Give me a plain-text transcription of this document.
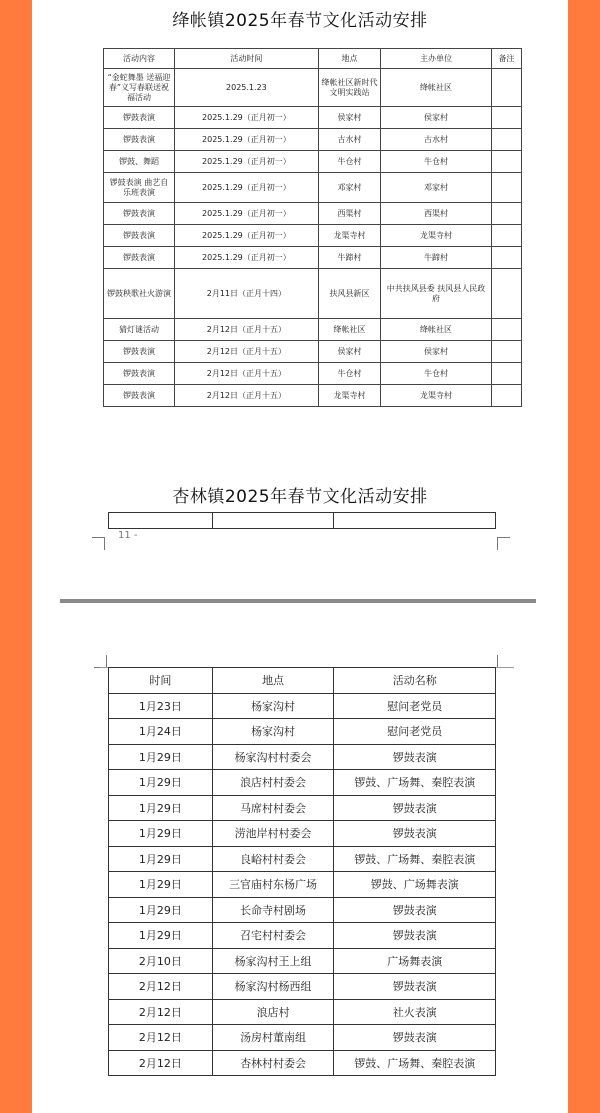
绛帐镇2025年春节文化活动安排
活动内容	活动时间	地点	主办单位	备注
“金蛇舞墨 送福迎春”义写春联送祝福活动	2025.1.23	绛帐社区新时代文明实践站	绛帐社区	
锣鼓表演	2025.1.29（正月初一）	侯家村	侯家村	
锣鼓表演	2025.1.29（正月初一）	古水村	古水村	
锣鼓、舞蹈	2025.1.29（正月初一）	牛仓村	牛仓村	
锣鼓表演 曲艺自乐班表演	2025.1.29（正月初一）	邓家村	邓家村	
锣鼓表演	2025.1.29（正月初一）	西渠村	西渠村	
锣鼓表演	2025.1.29（正月初一）	龙渠寺村	龙渠寺村	
锣鼓表演	2025.1.29（正月初一）	牛蹄村	牛蹄村	
锣鼓秧歌社火游演	2月11日（正月十四）	扶风县新区	中共扶风县委 扶风县人民政府	
猜灯谜活动	2月12日（正月十五）	绛帐社区	绛帐社区	
锣鼓表演	2月12日（正月十五）	侯家村	侯家村	
锣鼓表演	2月12日（正月十五）	牛仓村	牛仓村	
锣鼓表演	2月12日（正月十五）	龙渠寺村	龙渠寺村	
杏林镇2025年春节文化活动安排

11 -
时间	地点	活动名称
1月23日	杨家沟村	慰问老党员
1月24日	杨家沟村	慰问老党员
1月29日	杨家沟村村委会	锣鼓表演
1月29日	浪店村村委会	锣鼓、广场舞、秦腔表演
1月29日	马席村村委会	锣鼓表演
1月29日	涝池岸村村委会	锣鼓表演
1月29日	良峪村村委会	锣鼓、广场舞、秦腔表演
1月29日	三官庙村东杨广场	锣鼓、广场舞表演
1月29日	长命寺村剧场	锣鼓表演
1月29日	召宅村村委会	锣鼓表演
2月10日	杨家沟村王上组	广场舞表演
2月12日	杨家沟村杨西组	锣鼓表演
2月12日	浪店村	社火表演
2月12日	汤房村董南组	锣鼓表演
2月12日	杏林村村委会	锣鼓、广场舞、秦腔表演
